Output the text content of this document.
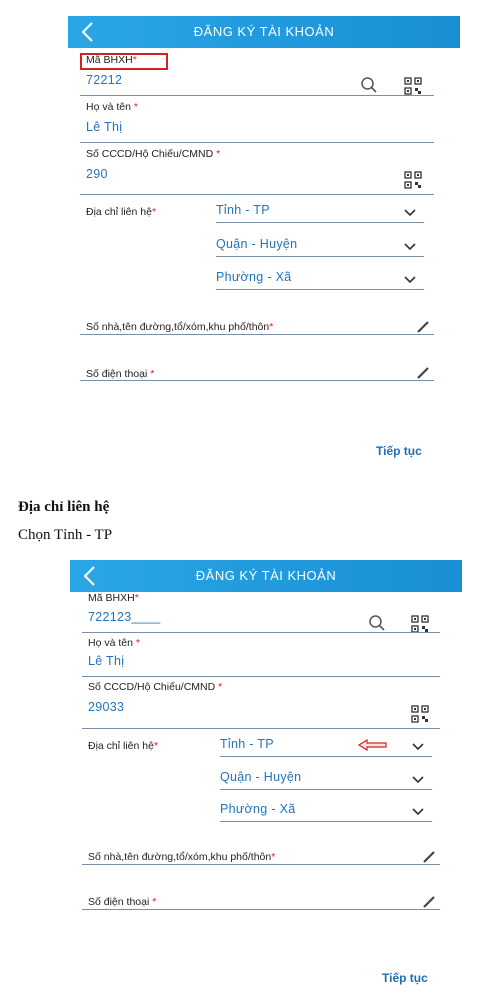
ĐĂNG KÝ TÀI KHOẢN
Mã BHXH*
72212
Họ và tên *
Lê Thị
Số CCCD/Hộ Chiếu/CMND *
290
Địa chỉ liên hệ*	Tỉnh - TP
Quận - Huyện
Phường - Xã
Số nhà,tên đường,tổ/xóm,khu phố/thôn*
Số điện thoại *
Tiếp tục
Địa chỉ liên hệ
Chọn Tỉnh - TP
ĐĂNG KÝ TÀI KHOẢN
Mã BHXH*
722123____
Họ và tên *
Lê Thị
Số CCCD/Hộ Chiếu/CMND *
29033
Địa chỉ liên hệ*	Tỉnh - TP
Quận - Huyện
Phường - Xã
Số nhà,tên đường,tổ/xóm,khu phố/thôn*
Số điện thoại *
Tiếp tục
